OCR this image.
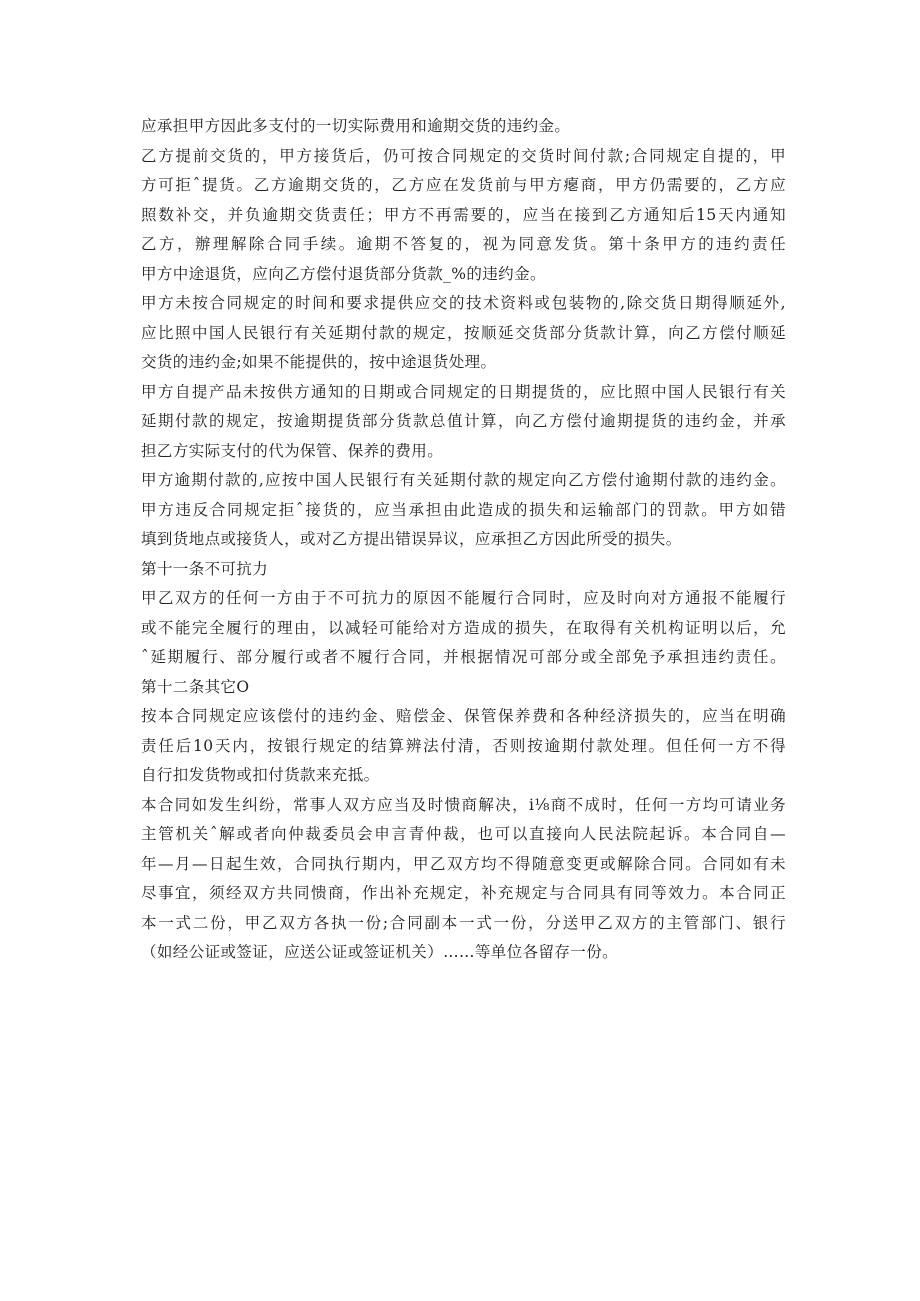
应承担甲方因此多支付的一切实际费用和逾期交货的违约金。
乙方提前交货的，甲方接货后，仍可按合同规定的交货时间付款;合同规定自提的，甲
方可拒ˆ提货。乙方逾期交货的，乙方应在发货前与甲方瘪商，甲方仍需要的，乙方应
照数补交，并负逾期交货责任；甲方不再需要的，应当在接到乙方通知后15天内通知
乙方，辦理解除合同手续。逾期不答复的，视为同意发货。第十条甲方的违约责任
甲方中途退货，应向乙方偿付退货部分货款_%的违约金。
甲方未按合同规定的时间和要求提供应交的技术资料或包装物的,除交货日期得顺延外,
应比照中国人民银行有关延期付款的规定，按顺延交货部分货款计算，向乙方偿付顺延
交货的违约金;如果不能提供的，按中途退货处理。
甲方自提产品未按供方通知的日期或合同规定的日期提货的，应比照中国人民银行有关
延期付款的规定，按逾期提货部分货款总值计算，向乙方偿付逾期提货的违约金，并承
担乙方实际支付的代为保管、保养的费用。
甲方逾期付款的,应按中国人民银行有关延期付款的规定向乙方偿付逾期付款的违约金。
甲方违反合同规定拒ˆ接货的，应当承担由此造成的损失和运输部门的罚款。甲方如错
填到货地点或接货人，或对乙方提出错误异议，应承担乙方因此所受的损失。
第十一条不可抗力
甲乙双方的任何一方由于不可抗力的原因不能履行合同时，应及时向对方通报不能履行
或不能完全履行的理由，以减轻可能给对方造成的损失，在取得有关机构证明以后，允
ˆ延期履行、部分履行或者不履行合同，并根据情况可部分或全部免予承担违约责任。
第十二条其它O
按本合同规定应该偿付的违约金、赔偿金、保管保养费和各种经济损失的，应当在明确
责任后10天内，按银行规定的结算辨法付清，否则按逾期付款处理。但任何一方不得
自行扣发货物或扣付货款来充抵。
本合同如发生纠纷，常事人双方应当及时愦商解决，i⅛商不成时，任何一方均可请业务
主管机关ˆ解或者向仲裁委员会申言青仲裁，也可以直接向人民法院起诉。本合同自—
年—月—日起生效，合同执行期内，甲乙双方均不得随意变更或解除合同。合同如有未
尽事宜，须经双方共同愦商，作出补充规定，补充规定与合同具有同等效力。本合同正
本一式二份，甲乙双方各执一份;合同副本一式一份，分送甲乙双方的主管部门、银行
（如经公证或签证，应送公证或签证机关）……等单位各留存一份。
